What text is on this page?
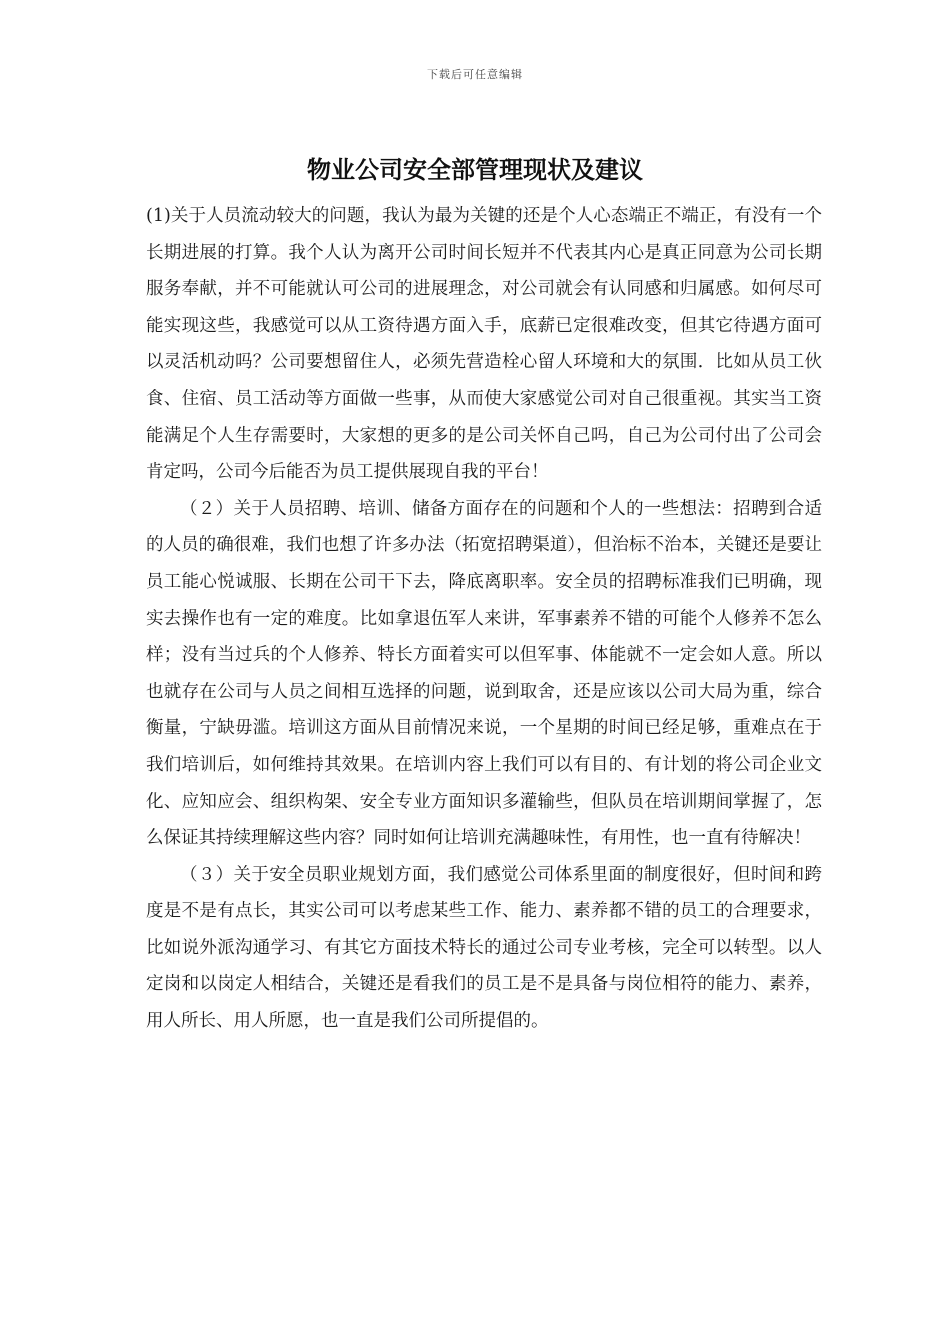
下载后可任意编辑
物业公司安全部管理现状及建议

(1)关于人员流动较大的问题，我认为最为关键的还是个人心态端正不端正，有没有一个长期进展的打算。我个人认为离开公司时间长短并不代表其内心是真正同意为公司长期服务奉献，并不可能就认可公司的进展理念，对公司就会有认同感和归属感。如何尽可能实现这些，我感觉可以从工资待遇方面入手，底薪已定很难改变，但其它待遇方面可以灵活机动吗？公司要想留住人，必须先营造栓心留人环境和大的氛围．比如从员工伙食、住宿、员工活动等方面做一些事，从而使大家感觉公司对自己很重视。其实当工资能满足个人生存需要时，大家想的更多的是公司关怀自己吗，自己为公司付出了公司会肯定吗，公司今后能否为员工提供展现自我的平台！

（２）关于人员招聘、培训、储备方面存在的问题和个人的一些想法：招聘到合适的人员的确很难，我们也想了许多办法（拓宽招聘渠道），但治标不治本，关键还是要让员工能心悦诚服、长期在公司干下去，降底离职率。安全员的招聘标准我们已明确，现实去操作也有一定的难度。比如拿退伍军人来讲，军事素养不错的可能个人修养不怎么样；没有当过兵的个人修养、特长方面着实可以但军事、体能就不一定会如人意。所以也就存在公司与人员之间相互选择的问题，说到取舍，还是应该以公司大局为重，综合衡量，宁缺毋滥。培训这方面从目前情况来说，一个星期的时间已经足够，重难点在于我们培训后，如何维持其效果。在培训内容上我们可以有目的、有计划的将公司企业文化、应知应会、组织构架、安全专业方面知识多灌输些，但队员在培训期间掌握了，怎么保证其持续理解这些内容？同时如何让培训充满趣味性，有用性，也一直有待解决！

（３）关于安全员职业规划方面，我们感觉公司体系里面的制度很好，但时间和跨度是不是有点长，其实公司可以考虑某些工作、能力、素养都不错的员工的合理要求，比如说外派沟通学习、有其它方面技术特长的通过公司专业考核，完全可以转型。以人定岗和以岗定人相结合，关键还是看我们的员工是不是具备与岗位相符的能力、素养，用人所长、用人所愿，也一直是我们公司所提倡的。
